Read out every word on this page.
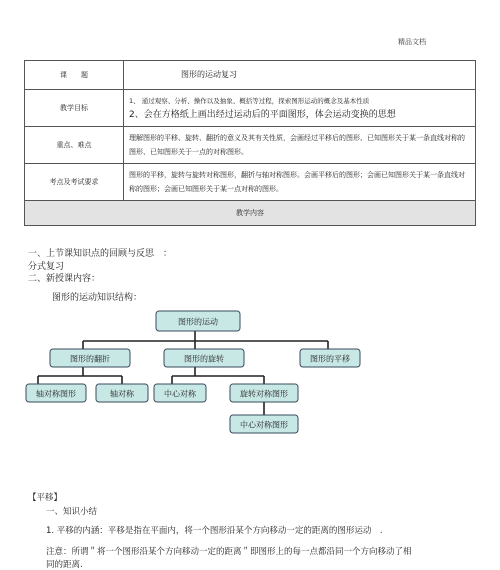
精品文档
课　　题	图形的运动复习
教学目标	1、 通过观察、分析、操作以及抽象、概括等过程，探索图形运动的概念及基本性质
2、会在方格纸上画出经过运动后的平面图形，体会运动变换的思想

重点、难点	理解图形的平移、旋转、翻折的意义及其有关性质，会画经过平移后的图形、已知图形关于某一条直线对称的图形、已知图形关于一点的对称图形。
考点及考试要求	图形的平移，旋转与旋转对称图形，翻折与轴对称图形。会画平移后的图形；会画已知图形关于某一条直线对称的图形；会画已知图形关于某一点对称的图形。
教学内容	
一、上节课知识点的回顾与反思　：
分式复习
二、新授课内容：
图形的运动知识结构：
图形的运动
图形的翻折	图形的旋转	图形的平移
轴对称图形	轴对称	中心对称	旋转对称图形
中心对称图形
【平移】
一、知识小结
1. 平移的内涵：平移是指在平面内，将一个图形沿某个方向移动一定的距离的图形运动　.
注意：所谓＂将一个图形沿某个方向移动一定的距离＂即图形上的每一点都沿同一个方向移动了相
同的距离.
